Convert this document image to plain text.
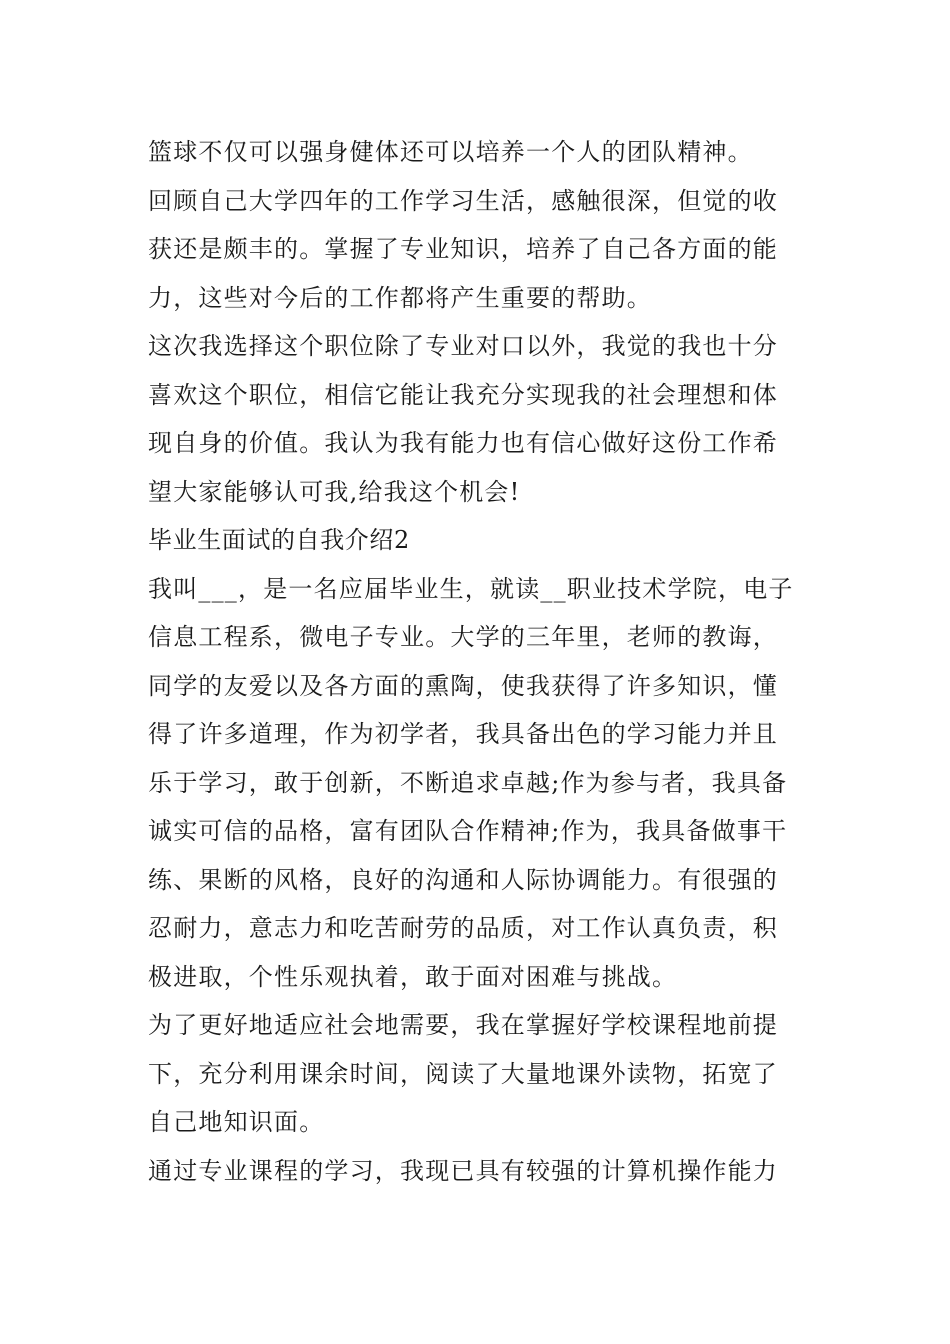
篮球不仅可以强身健体还可以培养一个人的团队精神。
回顾自己大学四年的工作学习生活，感触很深，但觉的收
获还是颇丰的。掌握了专业知识，培养了自己各方面的能
力，这些对今后的工作都将产生重要的帮助。
这次我选择这个职位除了专业对口以外，我觉的我也十分
喜欢这个职位，相信它能让我充分实现我的社会理想和体
现自身的价值。我认为我有能力也有信心做好这份工作希
望大家能够认可我,给我这个机会!
毕业生面试的自我介绍2
我叫___，是一名应届毕业生，就读__职业技术学院，电子
信息工程系，微电子专业。大学的三年里，老师的教诲，
同学的友爱以及各方面的熏陶，使我获得了许多知识，懂
得了许多道理，作为初学者，我具备出色的学习能力并且
乐于学习，敢于创新，不断追求卓越;作为参与者，我具备
诚实可信的品格，富有团队合作精神;作为，我具备做事干
练、果断的风格，良好的沟通和人际协调能力。有很强的
忍耐力，意志力和吃苦耐劳的品质，对工作认真负责，积
极进取，个性乐观执着，敢于面对困难与挑战。
为了更好地适应社会地需要，我在掌握好学校课程地前提
下，充分利用课余时间，阅读了大量地课外读物，拓宽了
自己地知识面。
通过专业课程的学习，我现已具有较强的计算机操作能力
